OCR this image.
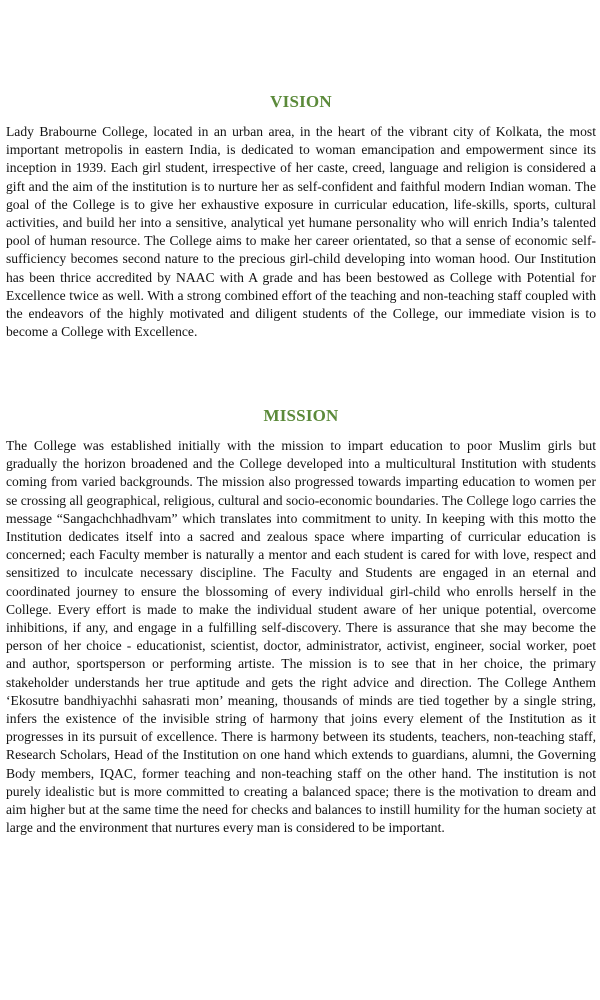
VISION

Lady Brabourne College, located in an urban area, in the heart of the vibrant city of Kolkata, the most important metropolis in eastern India, is dedicated to woman emancipation and empowerment since its inception in 1939. Each girl student, irrespective of her caste, creed, language and religion is considered a gift and the aim of the institution is to nurture her as self-confident and faithful modern Indian woman. The goal of the College is to give her exhaustive exposure in curricular education, life-skills, sports, cultural activities, and build her into a sensitive, analytical yet humane personality who will enrich India’s talented pool of human resource. The College aims to make her career orientated, so that a sense of economic self-sufficiency becomes second nature to the precious girl-child developing into woman hood. Our Institution has been thrice accredited by NAAC with A grade and has been bestowed as College with Potential for Excellence twice as well. With a strong combined effort of the teaching and non-teaching staff coupled with the endeavors of the highly motivated and diligent students of the College, our immediate vision is to become a College with Excellence.

MISSION

The College was established initially with the mission to impart education to poor Muslim girls but gradually the horizon broadened and the College developed into a multicultural Institution with students coming from varied backgrounds. The mission also progressed towards imparting education to women per se crossing all geographical, religious, cultural and socio-economic boundaries. The College logo carries the message “Sangachchhadhvam” which translates into commitment to unity. In keeping with this motto the Institution dedicates itself into a sacred and zealous space where imparting of curricular education is concerned; each Faculty member is naturally a mentor and each student is cared for with love, respect and sensitized to inculcate necessary discipline. The Faculty and Students are engaged in an eternal and coordinated journey to ensure the blossoming of every individual girl-child who enrolls herself in the College. Every effort is made to make the individual student aware of her unique potential, overcome inhibitions, if any, and engage in a fulfilling self-discovery. There is assurance that she may become the person of her choice - educationist, scientist, doctor, administrator, activist, engineer, social worker, poet and author, sportsperson or performing artiste. The mission is to see that in her choice, the primary stakeholder understands her true aptitude and gets the right advice and direction. The College Anthem ‘Ekosutre bandhiyachhi sahasrati mon’ meaning, thousands of minds are tied together by a single string, infers the existence of the invisible string of harmony that joins every element of the Institution as it progresses in its pursuit of excellence. There is harmony between its students, teachers, non-teaching staff, Research Scholars, Head of the Institution on one hand which extends to guardians, alumni, the Governing Body members, IQAC, former teaching and non-teaching staff on the other hand. The institution is not purely idealistic but is more committed to creating a balanced space; there is the motivation to dream and aim higher but at the same time the need for checks and balances to instill humility for the human society at large and the environment that nurtures every man is considered to be important.
